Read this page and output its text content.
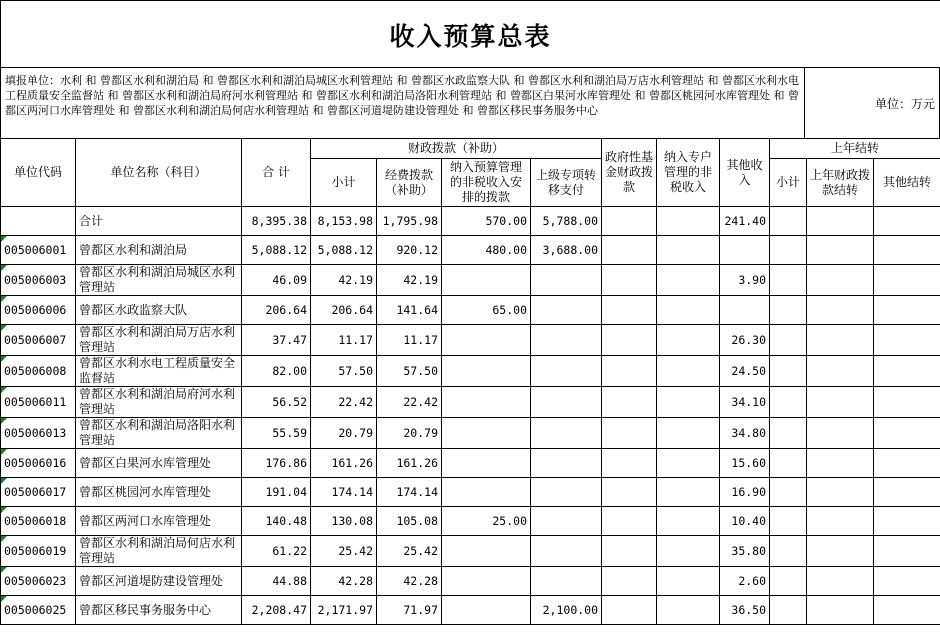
收入预算总表
填报单位：水利 和 曾都区水利和湖泊局 和 曾都区水利和湖泊局城区水利管理站 和 曾都区水政监察大队 和 曾都区水利和湖泊局万店水利管理站 和 曾都区水利水电工程质量安全监督站 和 曾都区水利和湖泊局府河水利管理站 和 曾都区水利和湖泊局洛阳水利管理站 和 曾都区白果河水库管理处 和 曾都区桃园河水库管理处 和 曾都区两河口水库管理处 和 曾都区水利和湖泊局何店水利管理站 和 曾都区河道堤防建设管理处 和 曾都区移民事务服务中心	单位：万元
单位代码	单位名称（科目）	合 计	财政拨款（补助）				政府性基金财政拨款	纳入专户管理的非税收入	其他收入	上年结转		
			小计	经费拨款（补助）	纳入预算管理的非税收入安排的拨款	上级专项转移支付				小计	上年财政拨款结转	其他结转
	合计	8,395.38	8,153.98	1,795.98	570.00	5,788.00			241.40			
005006001	曾都区水利和湖泊局	5,088.12	5,088.12	920.12	480.00	3,688.00						
005006003	曾都区水利和湖泊局城区水利管理站	46.09	42.19	42.19					3.90			
005006006	曾都区水政监察大队	206.64	206.64	141.64	65.00							
005006007	曾都区水利和湖泊局万店水利管理站	37.47	11.17	11.17					26.30			
005006008	曾都区水利水电工程质量安全监督站	82.00	57.50	57.50					24.50			
005006011	曾都区水利和湖泊局府河水利管理站	56.52	22.42	22.42					34.10			
005006013	曾都区水利和湖泊局洛阳水利管理站	55.59	20.79	20.79					34.80			
005006016	曾都区白果河水库管理处	176.86	161.26	161.26					15.60			
005006017	曾都区桃园河水库管理处	191.04	174.14	174.14					16.90			
005006018	曾都区两河口水库管理处	140.48	130.08	105.08	25.00				10.40			
005006019	曾都区水利和湖泊局何店水利管理站	61.22	25.42	25.42					35.80			
005006023	曾都区河道堤防建设管理处	44.88	42.28	42.28					2.60			
005006025	曾都区移民事务服务中心	2,208.47	2,171.97	71.97		2,100.00			36.50			
